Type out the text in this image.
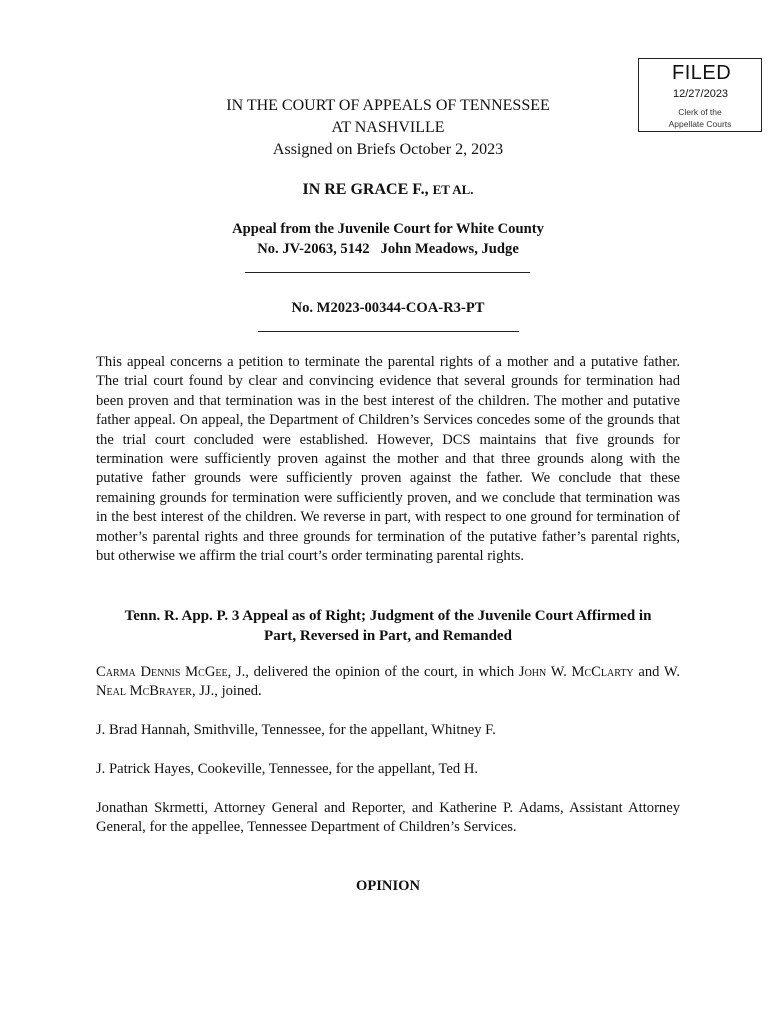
FILED
12/27/2023
Clerk of the
Appellate Courts
IN THE COURT OF APPEALS OF TENNESSEE
AT NASHVILLE
Assigned on Briefs October 2, 2023
IN RE GRACE F., ET AL.
Appeal from the Juvenile Court for White County
No. JV-2063, 5142   John Meadows, Judge
No. M2023-00344-COA-R3-PT
This appeal concerns a petition to terminate the parental rights of a mother and a putative father. The trial court found by clear and convincing evidence that several grounds for termination had been proven and that termination was in the best interest of the children. The mother and putative father appeal. On appeal, the Department of Children’s Services concedes some of the grounds that the trial court concluded were established. However, DCS maintains that five grounds for termination were sufficiently proven against the mother and that three grounds along with the putative father grounds were sufficiently proven against the father. We conclude that these remaining grounds for termination were sufficiently proven, and we conclude that termination was in the best interest of the children. We reverse in part, with respect to one ground for termination of mother’s parental rights and three grounds for termination of the putative father’s parental rights, but otherwise we affirm the trial court’s order terminating parental rights.
Tenn. R. App. P. 3 Appeal as of Right; Judgment of the Juvenile Court Affirmed in
Part, Reversed in Part, and Remanded
Carma Dennis McGee, J., delivered the opinion of the court, in which John W. McClarty and W. Neal McBrayer, JJ., joined.
J. Brad Hannah, Smithville, Tennessee, for the appellant, Whitney F.
J. Patrick Hayes, Cookeville, Tennessee, for the appellant, Ted H.
Jonathan Skrmetti, Attorney General and Reporter, and Katherine P. Adams, Assistant Attorney General, for the appellee, Tennessee Department of Children’s Services.
OPINION
